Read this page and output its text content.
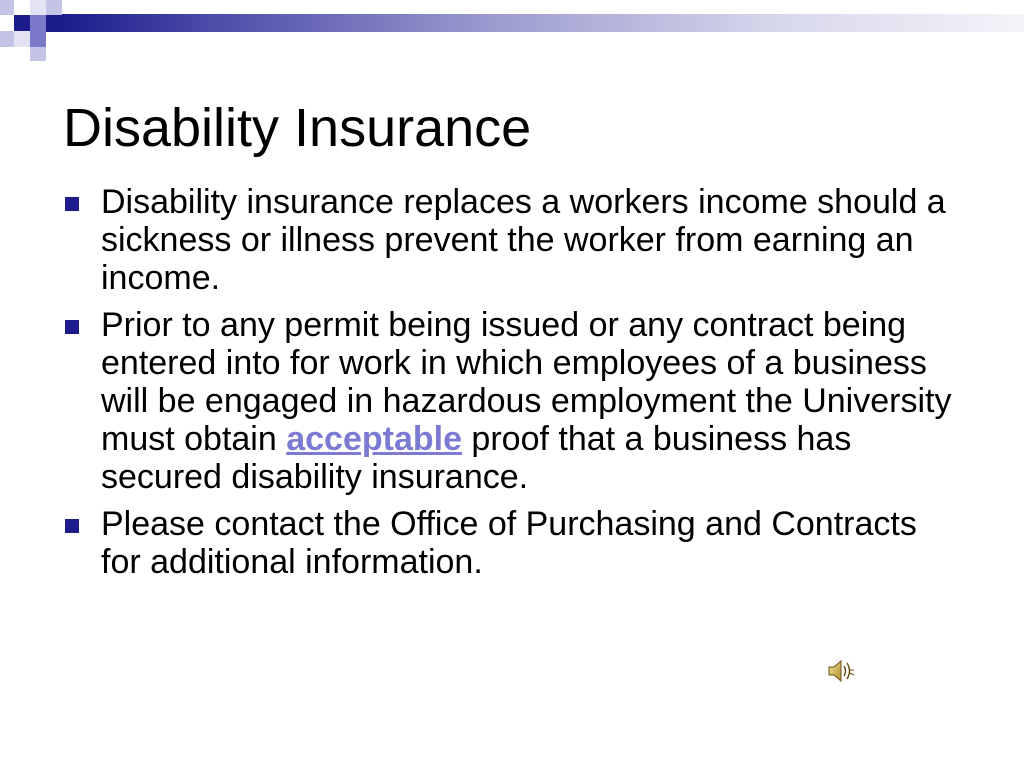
Disability Insurance
Disability insurance replaces a workers income should a sickness or illness prevent the worker from earning an income.
Prior to any permit being issued or any contract being entered into for work in which employees of a business will be engaged in hazardous employment the University must obtain acceptable proof that a business has secured disability insurance.
Please contact the Office of Purchasing and Contracts for additional information.
